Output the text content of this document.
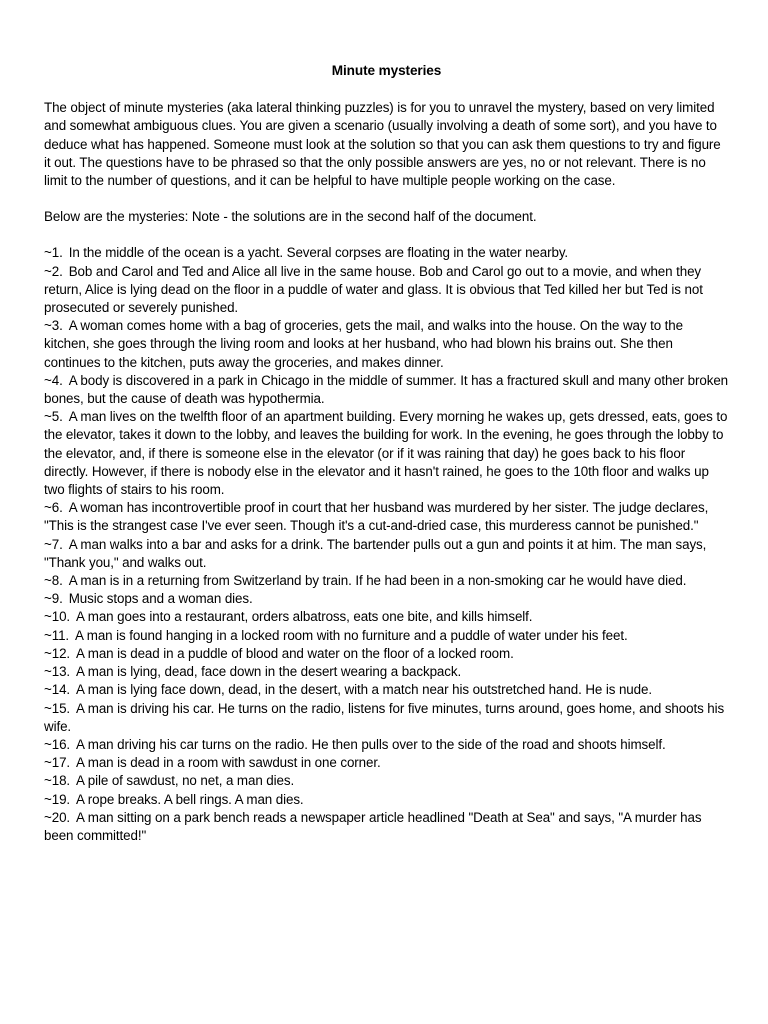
Minute mysteries
The object of minute mysteries (aka lateral thinking puzzles) is for you to unravel the mystery, based on very limited and somewhat ambiguous clues. You are given a scenario (usually involving a death of some sort), and you have to deduce what has happened. Someone must look at the solution so that you can ask them questions to try and figure it out. The questions have to be phrased so that the only possible answers are yes, no or not relevant. There is no limit to the number of questions, and it can be helpful to have multiple people working on the case.
Below are the mysteries: Note - the solutions are in the second half of the document.
~1. In the middle of the ocean is a yacht. Several corpses are floating in the water nearby.
~2. Bob and Carol and Ted and Alice all live in the same house. Bob and Carol go out to a movie, and when they return, Alice is lying dead on the floor in a puddle of water and glass. It is obvious that Ted killed her but Ted is not prosecuted or severely punished.
~3. A woman comes home with a bag of groceries, gets the mail, and walks into the house. On the way to the kitchen, she goes through the living room and looks at her husband, who had blown his brains out. She then continues to the kitchen, puts away the groceries, and makes dinner.
~4. A body is discovered in a park in Chicago in the middle of summer. It has a fractured skull and many other broken bones, but the cause of death was hypothermia.
~5. A man lives on the twelfth floor of an apartment building. Every morning he wakes up, gets dressed, eats, goes to the elevator, takes it down to the lobby, and leaves the building for work. In the evening, he goes through the lobby to the elevator, and, if there is someone else in the elevator (or if it was raining that day) he goes back to his floor directly. However, if there is nobody else in the elevator and it hasn't rained, he goes to the 10th floor and walks up two flights of stairs to his room.
~6. A woman has incontrovertible proof in court that her husband was murdered by her sister. The judge declares, "This is the strangest case I've ever seen. Though it's a cut-and-dried case, this murderess cannot be punished."
~7. A man walks into a bar and asks for a drink. The bartender pulls out a gun and points it at him. The man says, "Thank you," and walks out.
~8. A man is in a returning from Switzerland by train. If he had been in a non-smoking car he would have died.
~9. Music stops and a woman dies.
~10. A man goes into a restaurant, orders albatross, eats one bite, and kills himself.
~11. A man is found hanging in a locked room with no furniture and a puddle of water under his feet.
~12. A man is dead in a puddle of blood and water on the floor of a locked room.
~13. A man is lying, dead, face down in the desert wearing a backpack.
~14. A man is lying face down, dead, in the desert, with a match near his outstretched hand. He is nude.
~15. A man is driving his car. He turns on the radio, listens for five minutes, turns around, goes home, and shoots his wife.
~16. A man driving his car turns on the radio. He then pulls over to the side of the road and shoots himself.
~17. A man is dead in a room with sawdust in one corner.
~18. A pile of sawdust, no net, a man dies.
~19. A rope breaks. A bell rings. A man dies.
~20. A man sitting on a park bench reads a newspaper article headlined "Death at Sea" and says, "A murder has been committed!"
